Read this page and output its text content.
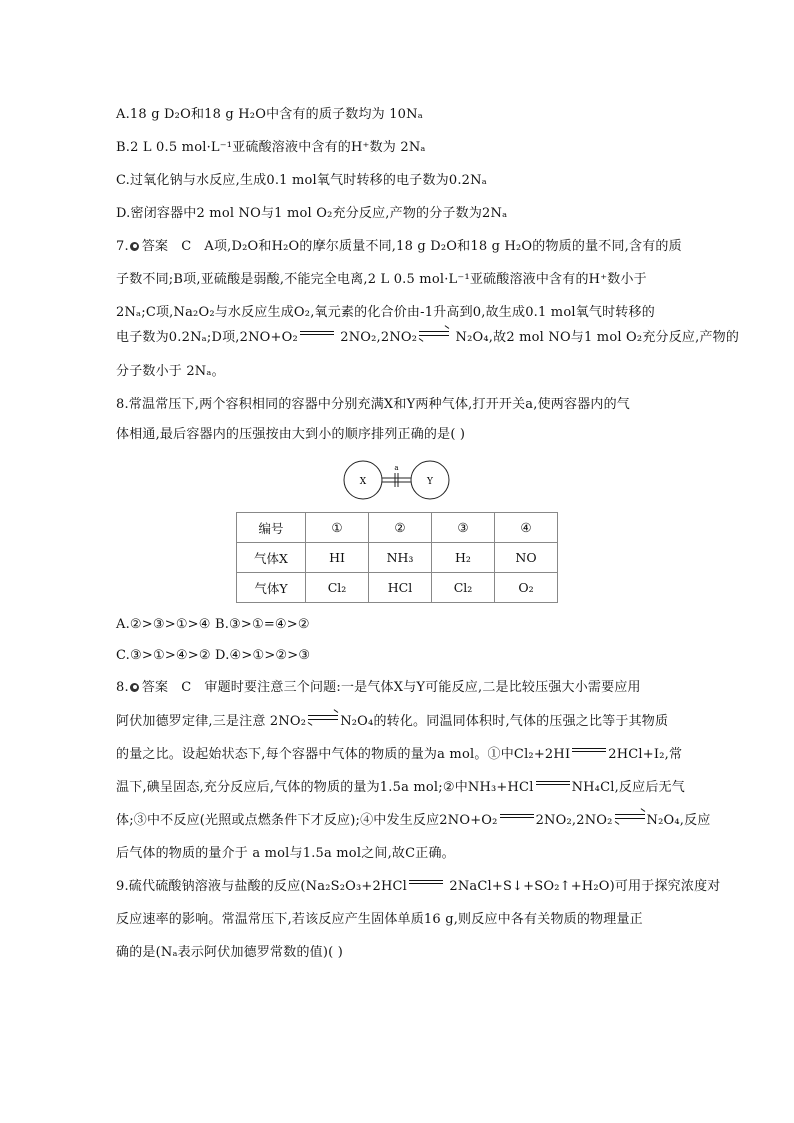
A.18 g D₂O和18 g H₂O中含有的质子数均为 10Nₐ
B.2 L 0.5 mol·L⁻¹亚硫酸溶液中含有的H⁺数为 2Nₐ
C.过氧化钠与水反应,生成0.1 mol氧气时转移的电子数为0.2Nₐ
D.密闭容器中2 mol NO与1 mol O₂充分反应,产物的分子数为2Nₐ
7. 答案 C A项,D₂O和H₂O的摩尔质量不同,18 g D₂O和18 g H₂O的物质的量不同,含有的质
子数不同;B项,亚硫酸是弱酸,不能完全电离,2 L 0.5 mol·L⁻¹亚硫酸溶液中含有的H⁺数小于
2Nₐ;C项,Na₂O₂与水反应生成O₂,氧元素的化合价由-1升高到0,故生成0.1 mol氧气时转移的
电子数为0.2Nₐ;D项,2NO+O₂	2NO₂,2NO₂ ⇌ N₂O₄,故2 mol NO与1 mol O₂充分反应,产物的
分子数小于 2Nₐ。
8.常温常压下,两个容积相同的容器中分别充满X和Y两种气体,打开开关a,使两容器内的气
体相通,最后容器内的压强按由大到小的顺序排列正确的是( )
X	Y
a
编号	①	②	③	④
气体X	HI	NH₃	H₂	NO
气体Y	Cl₂	HCl	Cl₂	O₂
A.②>③>①>④ B.③>①=④>②
C.③>①>④>② D.④>①>②>③
8. 答案 C 审题时要注意三个问题:一是气体X与Y可能反应,二是比较压强大小需要应用
阿伏加德罗定律,三是注意 2NO₂ ⇌ N₂O₄的转化。同温同体积时,气体的压强之比等于其物质
的量之比。设起始状态下,每个容器中气体的物质的量为a mol。①中Cl₂+2HI	2HCl+I₂,常
温下,碘呈固态,充分反应后,气体的物质的量为1.5a mol;②中NH₃+HCl	NH₄Cl,反应后无气
体;③中不反应(光照或点燃条件下才反应);④中发生反应2NO+O₂	2NO₂,2NO₂ ⇌ N₂O₄,反应
后气体的物质的量介于 a mol与1.5a mol之间,故C正确。
9.硫代硫酸钠溶液与盐酸的反应(Na₂S₂O₃+2HCl	2NaCl+S↓+SO₂↑+H₂O)可用于探究浓度对
反应速率的影响。常温常压下,若该反应产生固体单质16 g,则反应中各有关物质的物理量正
确的是(Nₐ表示阿伏加德罗常数的值)( )
